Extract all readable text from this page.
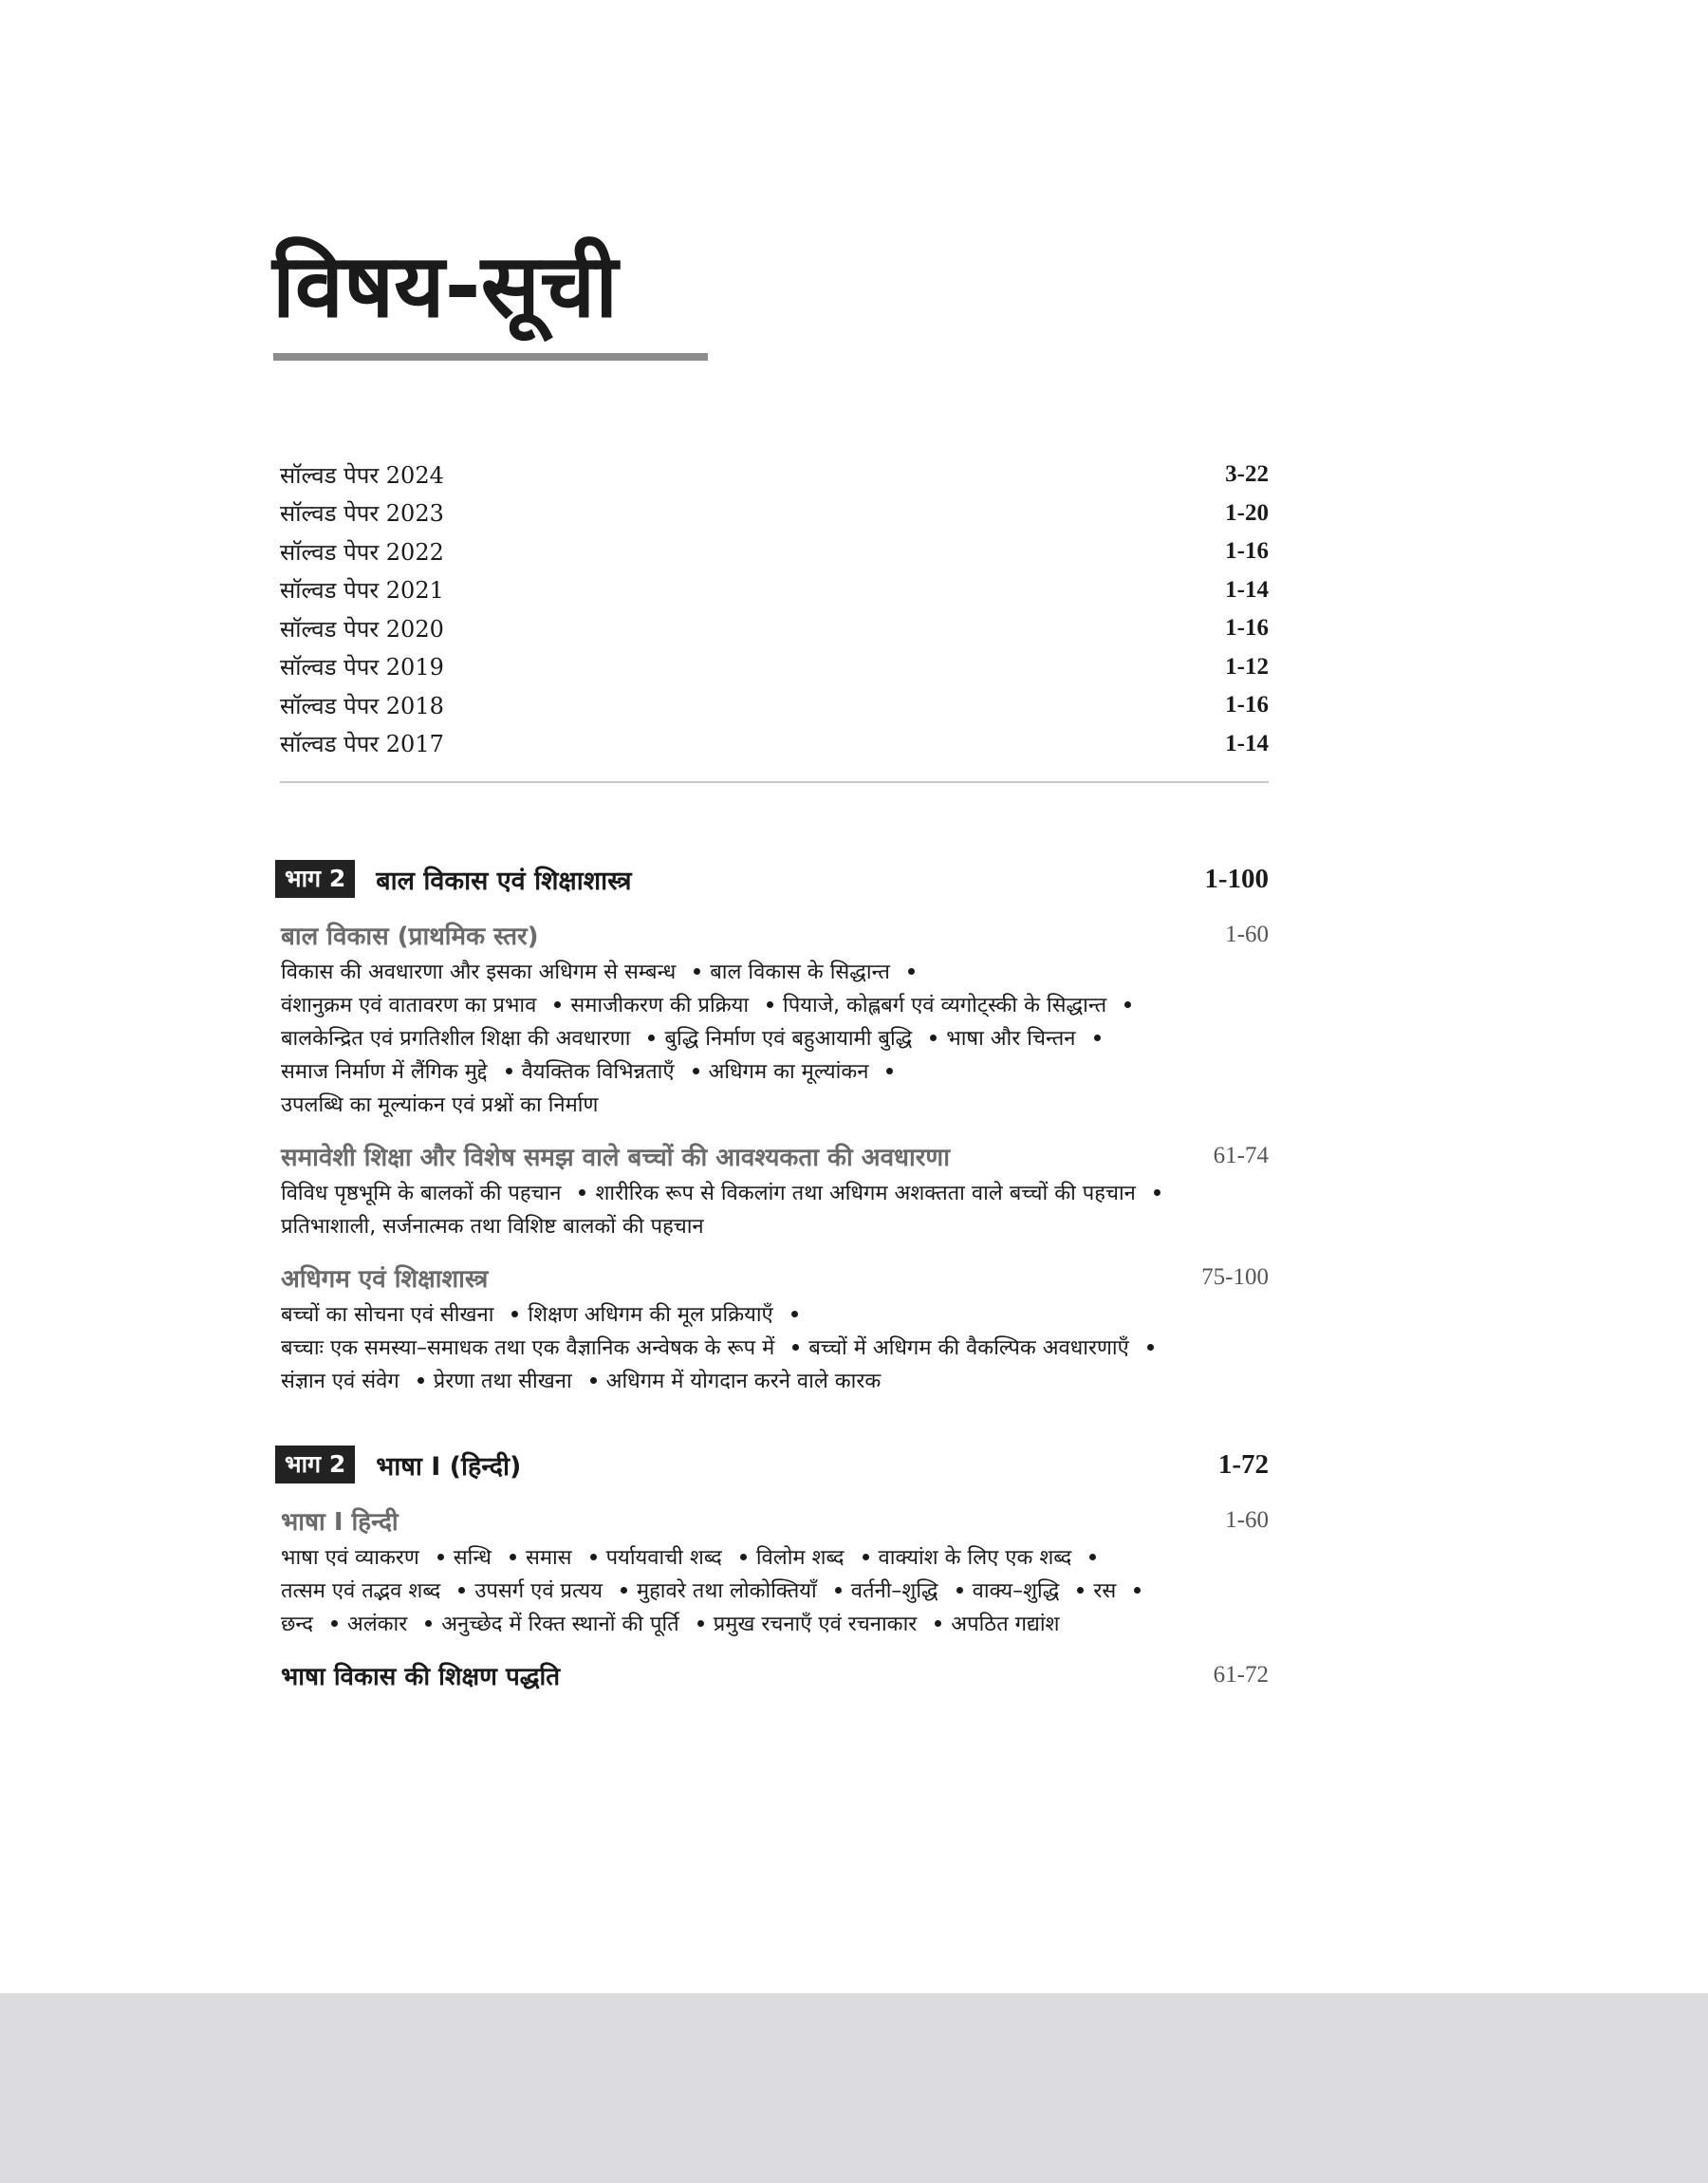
विषय-सूची
सॉल्वड पेपर 2024	3-22
सॉल्वड पेपर 2023	1-20
सॉल्वड पेपर 2022	1-16
सॉल्वड पेपर 2021	1-14
सॉल्वड पेपर 2020	1-16
सॉल्वड पेपर 2019	1-12
सॉल्वड पेपर 2018	1-16
सॉल्वड पेपर 2017	1-14
भाग 2	बाल विकास एवं शिक्षाशास्त्र	1-100
बाल विकास (प्राथमिक स्तर)	1-60
विकास की अवधारणा और इसका अधिगम से सम्बन्ध बाल विकास के सिद्धान्त वंशानुक्रम एवं वातावरण का प्रभाव समाजीकरण की प्रक्रिया पियाजे, कोह्लबर्ग एवं व्यगोट्स्की के सिद्धान्त बालकेन्द्रित एवं प्रगतिशील शिक्षा की अवधारणा बुद्धि निर्माण एवं बहुआयामी बुद्धि भाषा और चिन्तन समाज निर्माण में लैंगिक मुद्दे वैयक्तिक विभिन्नताएँ अधिगम का मूल्यांकन उपलब्धि का मूल्यांकन एवं प्रश्नों का निर्माण
समावेशी शिक्षा और विशेष समझ वाले बच्चों की आवश्यकता की अवधारणा	61-74
विविध पृष्ठभूमि के बालकों की पहचान शारीरिक रूप से विकलांग तथा अधिगम अशक्तता वाले बच्चों की पहचान प्रतिभाशाली, सर्जनात्मक तथा विशिष्ट बालकों की पहचान
अधिगम एवं शिक्षाशास्त्र	75-100
बच्चों का सोचना एवं सीखना शिक्षण अधिगम की मूल प्रक्रियाएँ बच्चाः एक समस्या–समाधक तथा एक वैज्ञानिक अन्वेषक के रूप में बच्चों में अधिगम की वैकल्पिक अवधारणाएँ संज्ञान एवं संवेग प्रेरणा तथा सीखना अधिगम में योगदान करने वाले कारक
भाग 2	भाषा I (हिन्दी)	1-72
भाषा I हिन्दी	1-60
भाषा एवं व्याकरण सन्धि समास पर्यायवाची शब्द विलोम शब्द वाक्यांश के लिए एक शब्द तत्सम एवं तद्भव शब्द उपसर्ग एवं प्रत्यय मुहावरे तथा लोकोक्तियाँ वर्तनी–शुद्धि वाक्य–शुद्धि रस छन्द अलंकार अनुच्छेद में रिक्त स्थानों की पूर्ति प्रमुख रचनाएँ एवं रचनाकार अपठित गद्यांश
भाषा विकास की शिक्षण पद्धति	61-72
